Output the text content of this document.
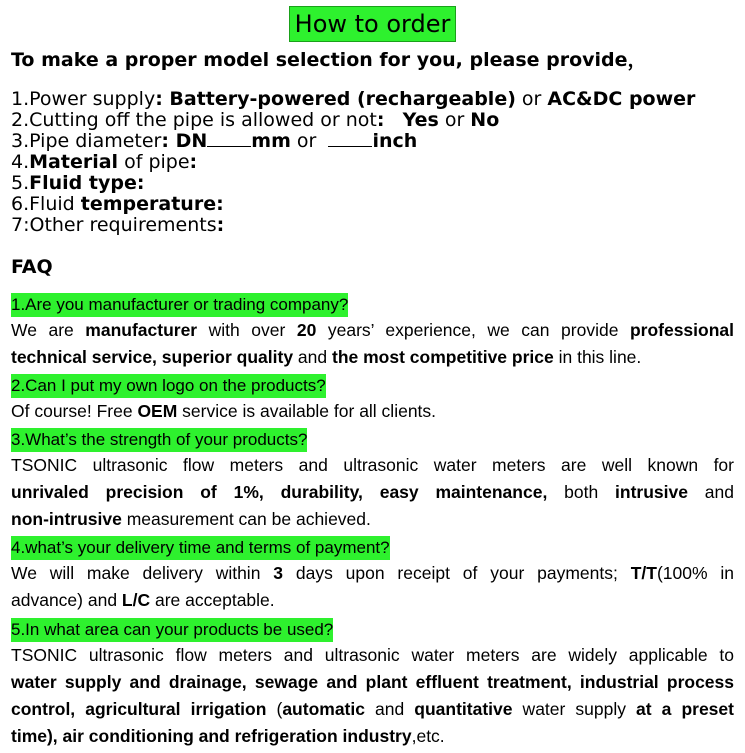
How to order
To make a proper model selection for you, please provide，
1.Power supply: Battery-powered (rechargeable) or AC&DC power
2.Cutting off the pipe is allowed or not: Yes or No
3.Pipe diameter: DN mm or  inch
4.Material of pipe:
5.Fluid type:
6.Fluid temperature:
7:Other requirements:
FAQ
1.Are you manufacturer or trading company?
We are manufacturer with over 20 years’ experience, we can provide professional
technical service, superior quality and the most competitive price in this line.
2.Can I put my own logo on the products?
Of course! Free OEM service is available for all clients.
3.What’s the strength of your products?
TSONIC ultrasonic flow meters and ultrasonic water meters are well known for
unrivaled precision of 1%, durability, easy maintenance, both intrusive and
non-intrusive measurement can be achieved.
4.what’s your delivery time and terms of payment?
We will make delivery within 3 days upon receipt of your payments; T/T(100% in
advance) and L/C are acceptable.
5.In what area can your products be used?
TSONIC ultrasonic flow meters and ultrasonic water meters are widely applicable to
water supply and drainage, sewage and plant effluent treatment, industrial process
control, agricultural irrigation (automatic and quantitative water supply at a preset
time), air conditioning and refrigeration industry,etc.
